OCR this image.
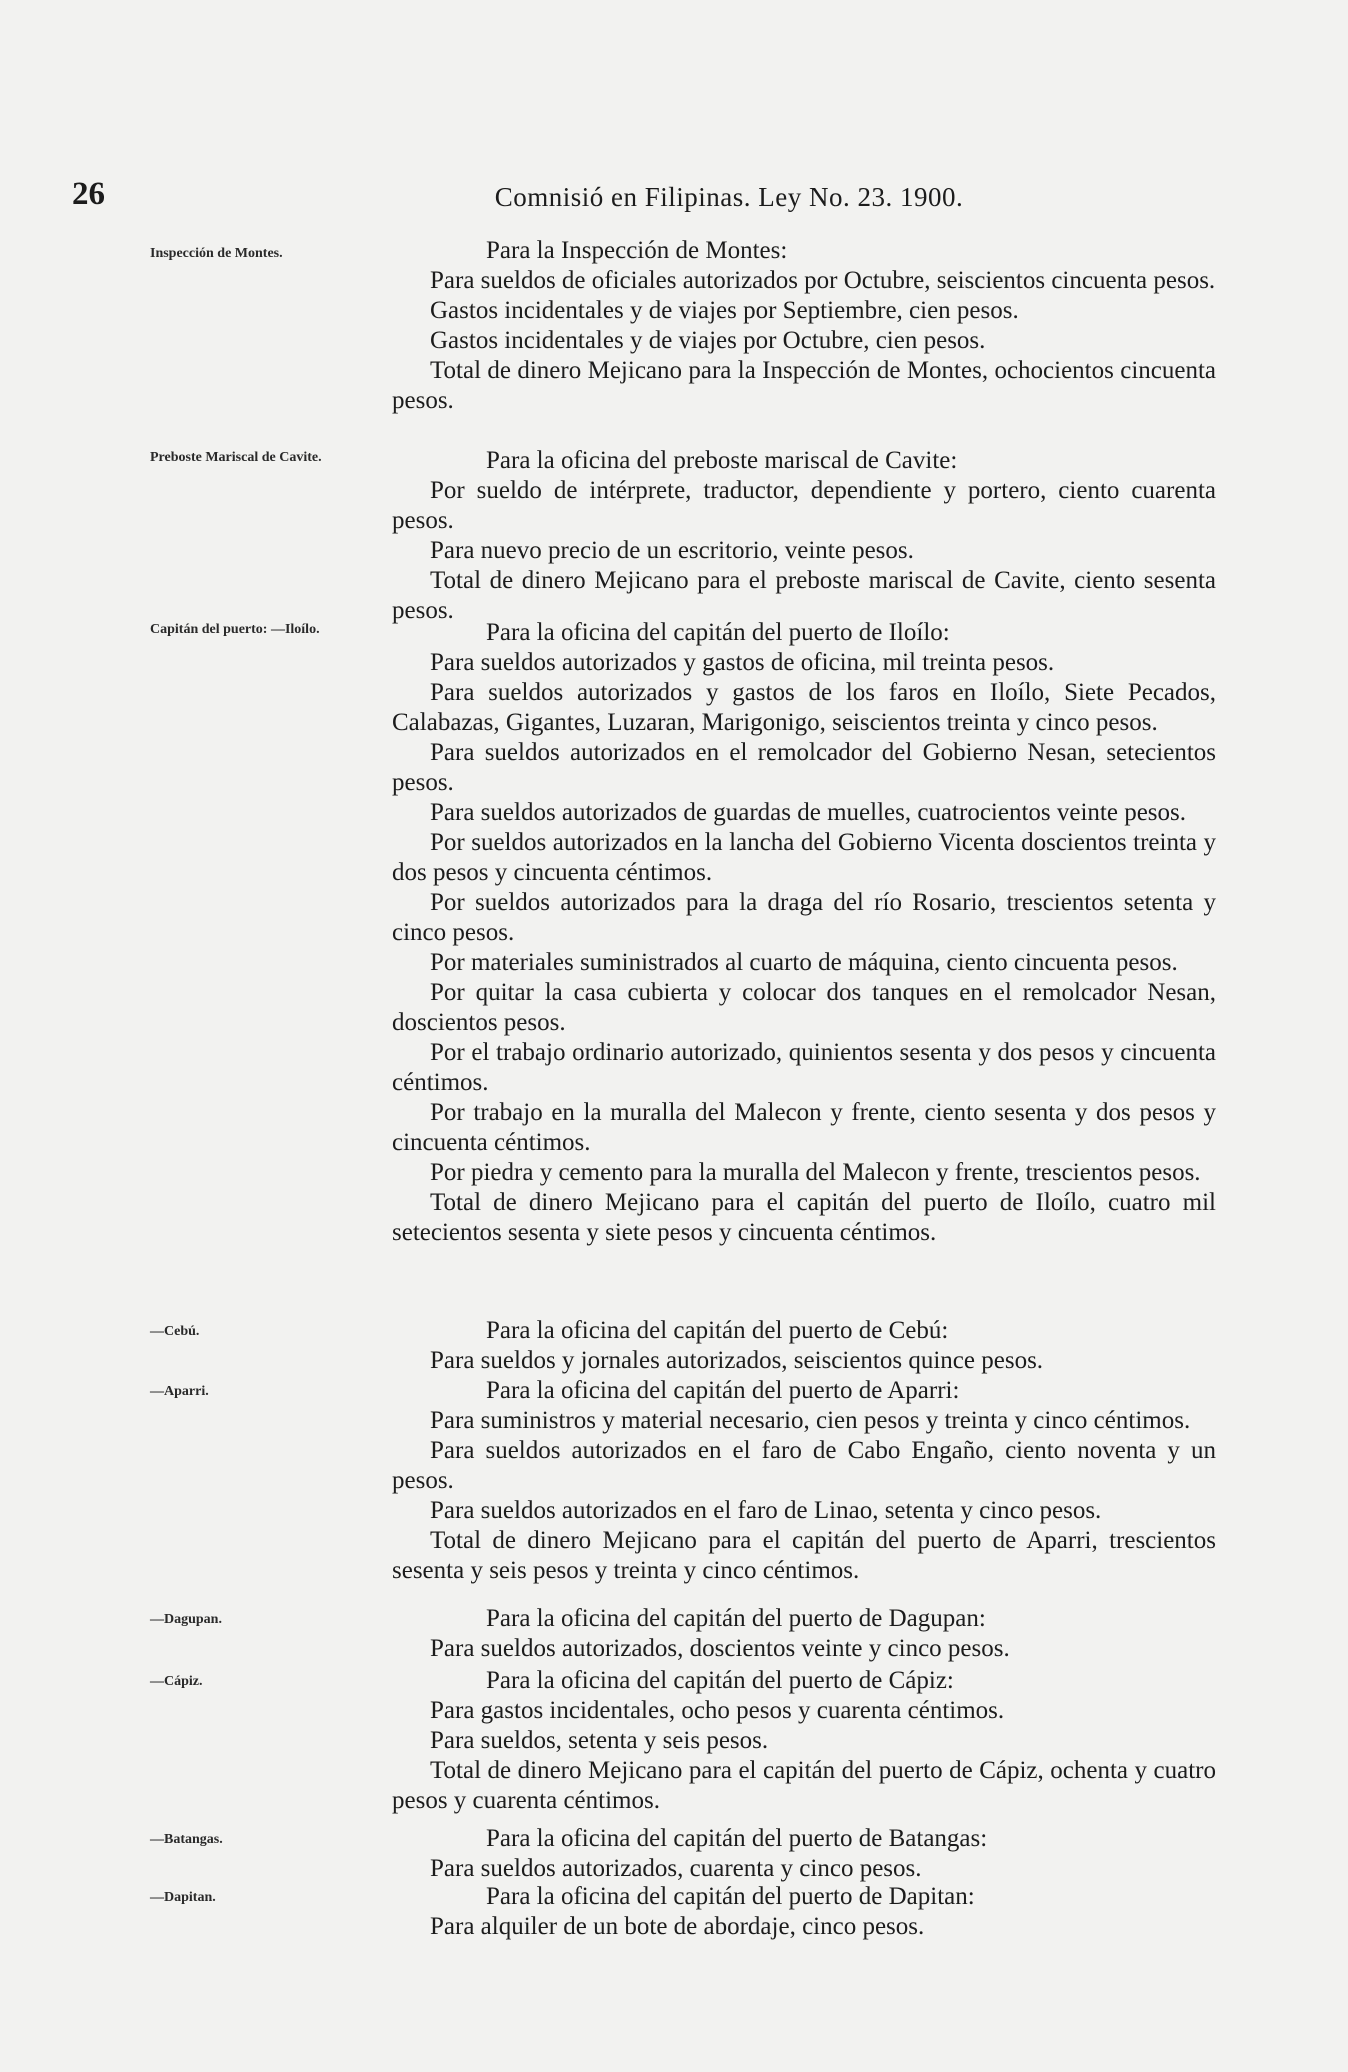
26	Comnisió en Filipinas. Ley No. 23. 1900.
Inspección de Montes.	Para la Inspección de Montes:

Para sueldos de oficiales autorizados por Octubre, seiscientos cincuenta pesos.

Gastos incidentales y de viajes por Septiembre, cien pesos.

Gastos incidentales y de viajes por Octubre, cien pesos.

Total de dinero Mejicano para la Inspección de Montes, ochocientos cincuenta pesos.

Preboste Mariscal de Cavite.	Para la oficina del preboste mariscal de Cavite:

Por sueldo de intérprete, traductor, dependiente y portero, ciento cuarenta pesos.

Para nuevo precio de un escritorio, veinte pesos.

Total de dinero Mejicano para el preboste mariscal de Cavite, ciento sesenta pesos.

Capitán del puerto: —Iloílo.	Para la oficina del capitán del puerto de Iloílo:

Para sueldos autorizados y gastos de oficina, mil treinta pesos.

Para sueldos autorizados y gastos de los faros en Iloílo, Siete Pecados, Calabazas, Gigantes, Luzaran, Marigonigo, seiscientos treinta y cinco pesos.

Para sueldos autorizados en el remolcador del Gobierno Nesan, setecientos pesos.

Para sueldos autorizados de guardas de muelles, cuatrocientos veinte pesos.

Por sueldos autorizados en la lancha del Gobierno Vicenta doscientos treinta y dos pesos y cincuenta céntimos.

Por sueldos autorizados para la draga del río Rosario, trescientos setenta y cinco pesos.

Por materiales suministrados al cuarto de máquina, ciento cincuenta pesos.

Por quitar la casa cubierta y colocar dos tanques en el remolcador Nesan, doscientos pesos.

Por el trabajo ordinario autorizado, quinientos sesenta y dos pesos y cincuenta céntimos.

Por trabajo en la muralla del Malecon y frente, ciento sesenta y dos pesos y cincuenta céntimos.

Por piedra y cemento para la muralla del Malecon y frente, trescientos pesos.

Total de dinero Mejicano para el capitán del puerto de Iloílo, cuatro mil setecientos sesenta y siete pesos y cincuenta céntimos.

—Cebú.	Para la oficina del capitán del puerto de Cebú:

Para sueldos y jornales autorizados, seiscientos quince pesos.

—Aparri.	Para la oficina del capitán del puerto de Aparri:

Para suministros y material necesario, cien pesos y treinta y cinco céntimos.

Para sueldos autorizados en el faro de Cabo Engaño, ciento noventa y un pesos.

Para sueldos autorizados en el faro de Linao, setenta y cinco pesos.

Total de dinero Mejicano para el capitán del puerto de Aparri, trescientos sesenta y seis pesos y treinta y cinco céntimos.

—Dagupan.	Para la oficina del capitán del puerto de Dagupan:

Para sueldos autorizados, doscientos veinte y cinco pesos.

—Cápiz.	Para la oficina del capitán del puerto de Cápiz:

Para gastos incidentales, ocho pesos y cuarenta céntimos.

Para sueldos, setenta y seis pesos.

Total de dinero Mejicano para el capitán del puerto de Cápiz, ochenta y cuatro pesos y cuarenta céntimos.

—Batangas.	Para la oficina del capitán del puerto de Batangas:

Para sueldos autorizados, cuarenta y cinco pesos.

—Dapitan.	Para la oficina del capitán del puerto de Dapitan:

Para alquiler de un bote de abordaje, cinco pesos.
